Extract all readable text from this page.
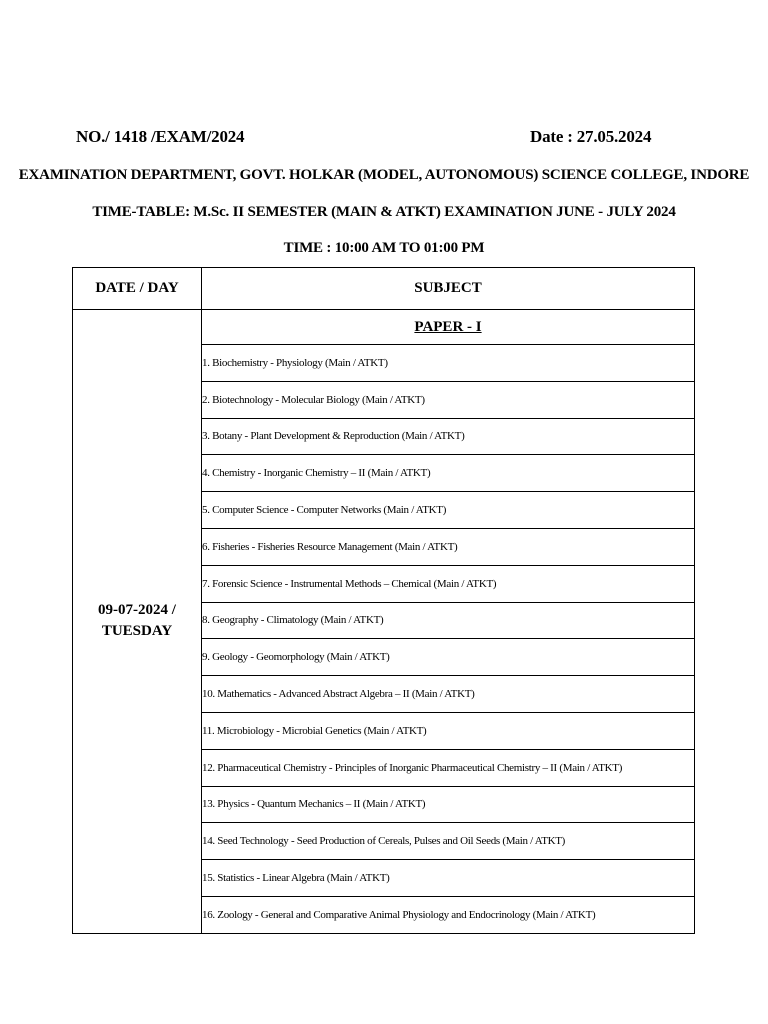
NO./ 1418 /EXAM/2024	Date : 27.05.2024
EXAMINATION DEPARTMENT, GOVT. HOLKAR (MODEL, AUTONOMOUS) SCIENCE COLLEGE, INDORE
TIME-TABLE: M.Sc. II SEMESTER (MAIN & ATKT) EXAMINATION JUNE - JULY 2024
TIME : 10:00 AM TO 01:00 PM
DATE / DAY	SUBJECT

09-07-2024 /
TUESDAY	PAPER - I
	1. Biochemistry - Physiology (Main / ATKT)
	2. Biotechnology - Molecular Biology (Main / ATKT)
	3. Botany - Plant Development & Reproduction (Main / ATKT)
	4. Chemistry - Inorganic Chemistry – II (Main / ATKT)
	5. Computer Science - Computer Networks (Main / ATKT)
	6. Fisheries - Fisheries Resource Management (Main / ATKT)
	7. Forensic Science - Instrumental Methods – Chemical (Main / ATKT)
	8. Geography - Climatology (Main / ATKT)
	9. Geology - Geomorphology (Main / ATKT)
	10. Mathematics - Advanced Abstract Algebra – II (Main / ATKT)
	11. Microbiology - Microbial Genetics (Main / ATKT)
	12. Pharmaceutical Chemistry - Principles of Inorganic Pharmaceutical Chemistry – II (Main / ATKT)
	13. Physics - Quantum Mechanics – II (Main / ATKT)
	14. Seed Technology - Seed Production of Cereals, Pulses and Oil Seeds (Main / ATKT)
	15. Statistics - Linear Algebra (Main / ATKT)
	16. Zoology - General and Comparative Animal Physiology and Endocrinology (Main / ATKT)
